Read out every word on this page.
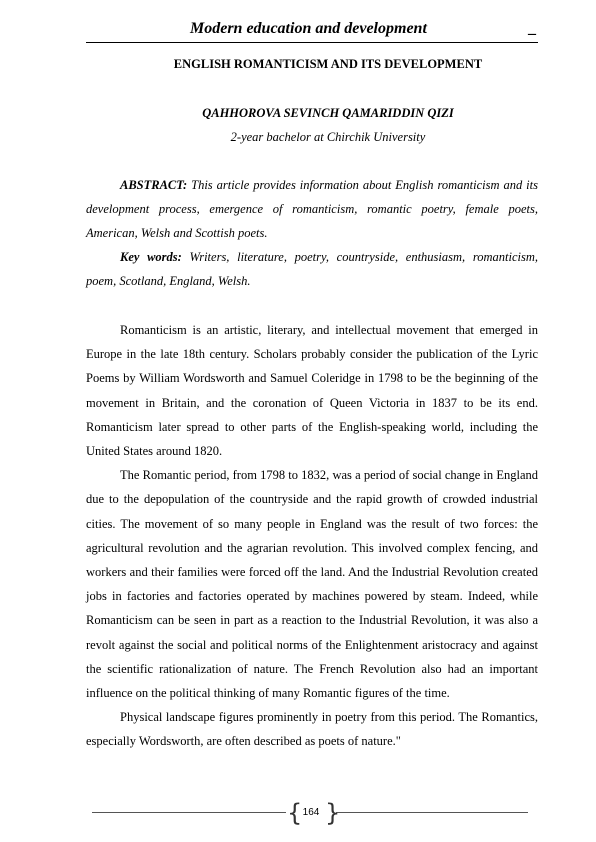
Modern education and development	_
ENGLISH ROMANTICISM AND ITS DEVELOPMENT
QAHHOROVA SEVINCH QAMARIDDIN QIZI
2-year bachelor at Chirchik University

ABSTRACT: This article provides information about English romanticism and its development process, emergence of romanticism, romantic poetry, female poets, American, Welsh and Scottish poets.

Key words: Writers, literature, poetry, countryside, enthusiasm, romanticism, poem, Scotland, England, Welsh.

Romanticism is an artistic, literary, and intellectual movement that emerged in Europe in the late 18th century. Scholars probably consider the publication of the Lyric Poems by William Wordsworth and Samuel Coleridge in 1798 to be the beginning of the movement in Britain, and the coronation of Queen Victoria in 1837 to be its end. Romanticism later spread to other parts of the English-speaking world, including the United States around 1820.

The Romantic period, from 1798 to 1832, was a period of social change in England due to the depopulation of the countryside and the rapid growth of crowded industrial cities. The movement of so many people in England was the result of two forces: the agricultural revolution and the agrarian revolution. This involved complex fencing, and workers and their families were forced off the land. And the Industrial Revolution created jobs in factories and factories operated by machines powered by steam. Indeed, while Romanticism can be seen in part as a reaction to the Industrial Revolution, it was also a revolt against the social and political norms of the Enlightenment aristocracy and against the scientific rationalization of nature. The French Revolution also had an important influence on the political thinking of many Romantic figures of the time.

Physical landscape figures prominently in poetry from this period. The Romantics, especially Wordsworth, are often described as poets of nature."

{ 164 }
